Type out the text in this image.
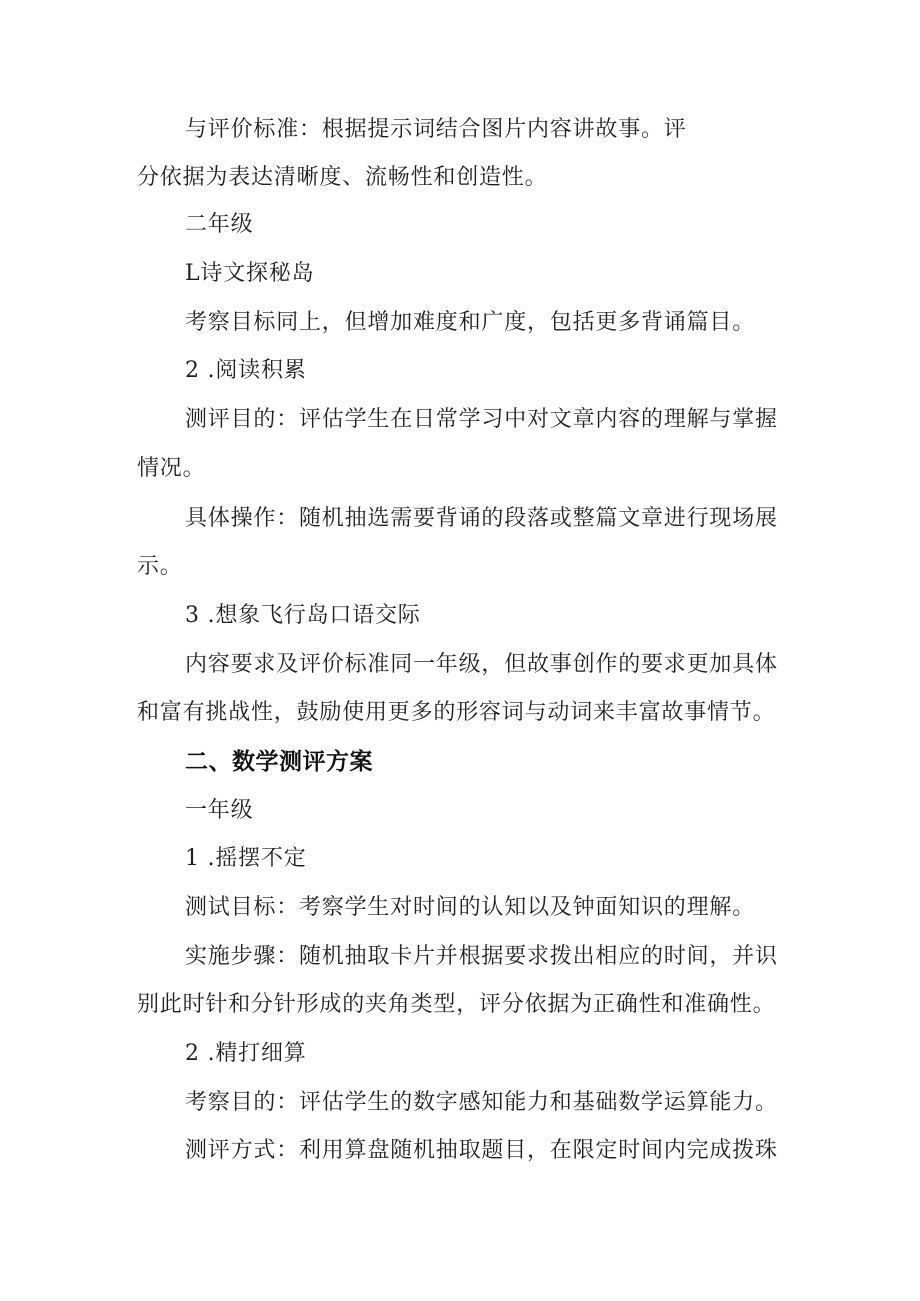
与评价标准：根据提示词结合图片内容讲故事。评
分依据为表达清晰度、流畅性和创造性。
二年级
L诗文探秘岛
考察目标同上，但增加难度和广度，包括更多背诵篇目。
2 .阅读积累
测评目的：评估学生在日常学习中对文章内容的理解与掌握
情况。
具体操作：随机抽选需要背诵的段落或整篇文章进行现场展
示。
3 .想象飞行岛口语交际
内容要求及评价标准同一年级，但故事创作的要求更加具体
和富有挑战性，鼓励使用更多的形容词与动词来丰富故事情节。
二、数学测评方案
一年级
1 .摇摆不定
测试目标：考察学生对时间的认知以及钟面知识的理解。
实施步骤：随机抽取卡片并根据要求拨出相应的时间，并识
别此时针和分针形成的夹角类型，评分依据为正确性和准确性。
2 .精打细算
考察目的：评估学生的数字感知能力和基础数学运算能力。
测评方式：利用算盘随机抽取题目，在限定时间内完成拨珠
